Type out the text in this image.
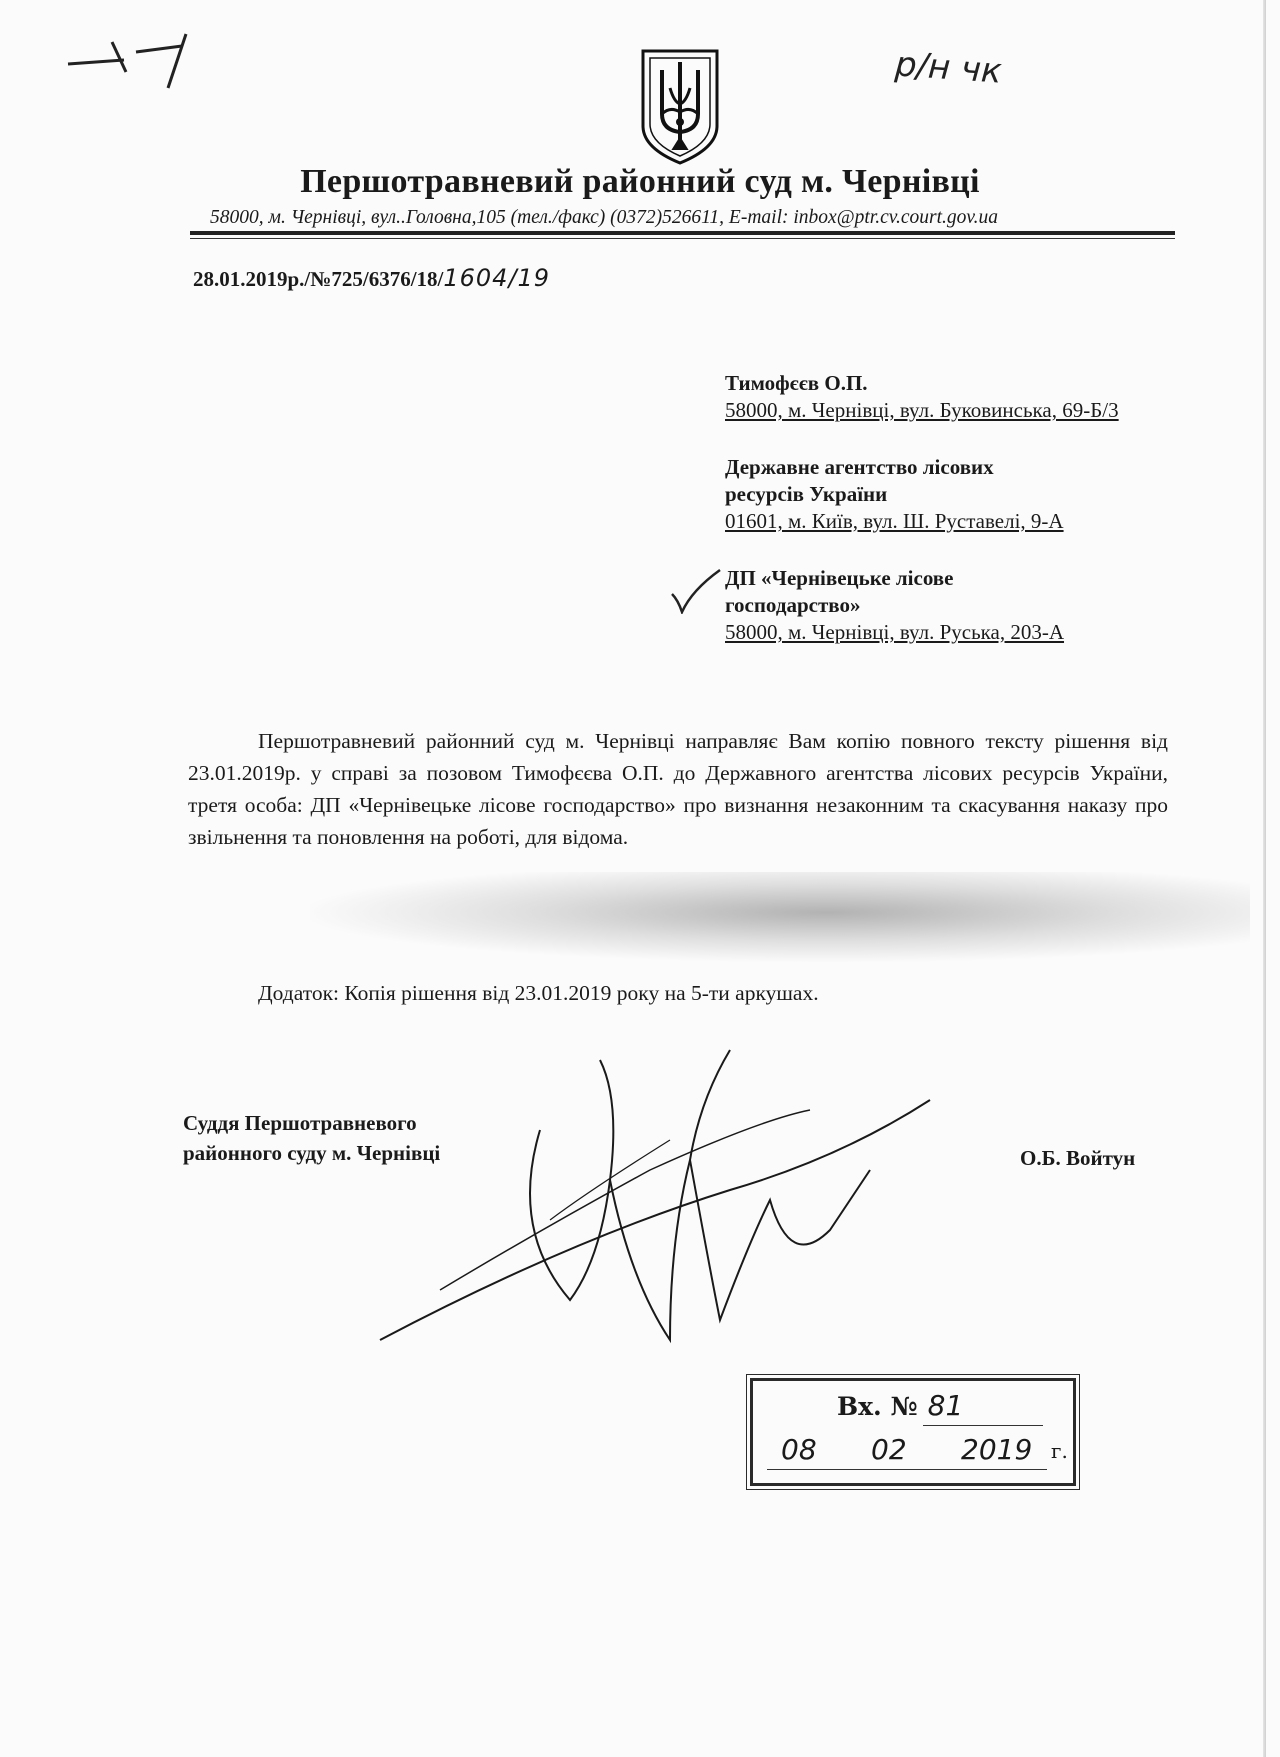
1–1
р/н чк
Першотравневий районний суд м. Чернівці
58000, м. Чернівці, вул..Головна,105 (тел./факс) (0372)526611, E-mail: inbox@ptr.cv.court.gov.ua
28.01.2019р./№725/6376/18/1604/19
Тимофєєв О.П.
58000, м. Чернівці, вул. Буковинська, 69-Б/3
Державне агентство лісових
ресурсів України
01601, м. Київ, вул. Ш. Руставелі, 9-А
ДП «Чернівецьке лісове
господарство»
58000, м. Чернівці, вул. Руська, 203-А
Першотравневий районний суд м. Чернівці направляє Вам копію повного тексту рішення від 23.01.2019р. у справі за позовом Тимофєєва О.П. до Державного агентства лісових ресурсів України, третя особа: ДП «Чернівецьке лісове господарство» про визнання незаконним та скасування наказу про звільнення та поновлення на роботі, для відома.
Додаток: Копія рішення від 23.01.2019 року на 5-ти аркушах.
Суддя Першотравневого
районного суду м. Чернівці	О.Б. Войтун
Вх. № 81
08 02 2019 г.
